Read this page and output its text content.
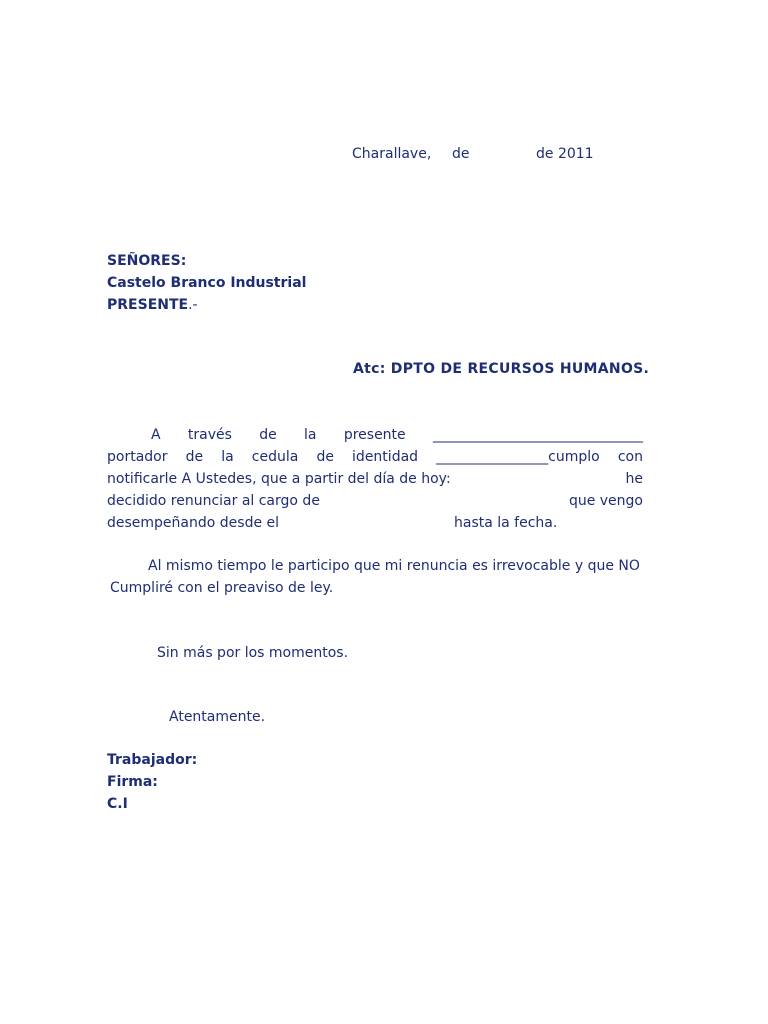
Charallave, de	de 2011
SEÑORES:
Castelo Branco Industrial
PRESENTE.-
Atc: DPTO DE RECURSOS HUMANOS.
A través de la presente ______________________________
portador de la cedula de identidad ________________cumplo con
notificarle A Ustedes, que a partir del día de hoy:	he
decidido renunciar al cargo de	que vengo
desempeñando desde el	hasta la fecha.
Al mismo tiempo le participo que mi renuncia es irrevocable y que NO
Cumpliré con el preaviso de ley.
Sin más por los momentos.
Atentamente.
Trabajador:
Firma:
C.I
